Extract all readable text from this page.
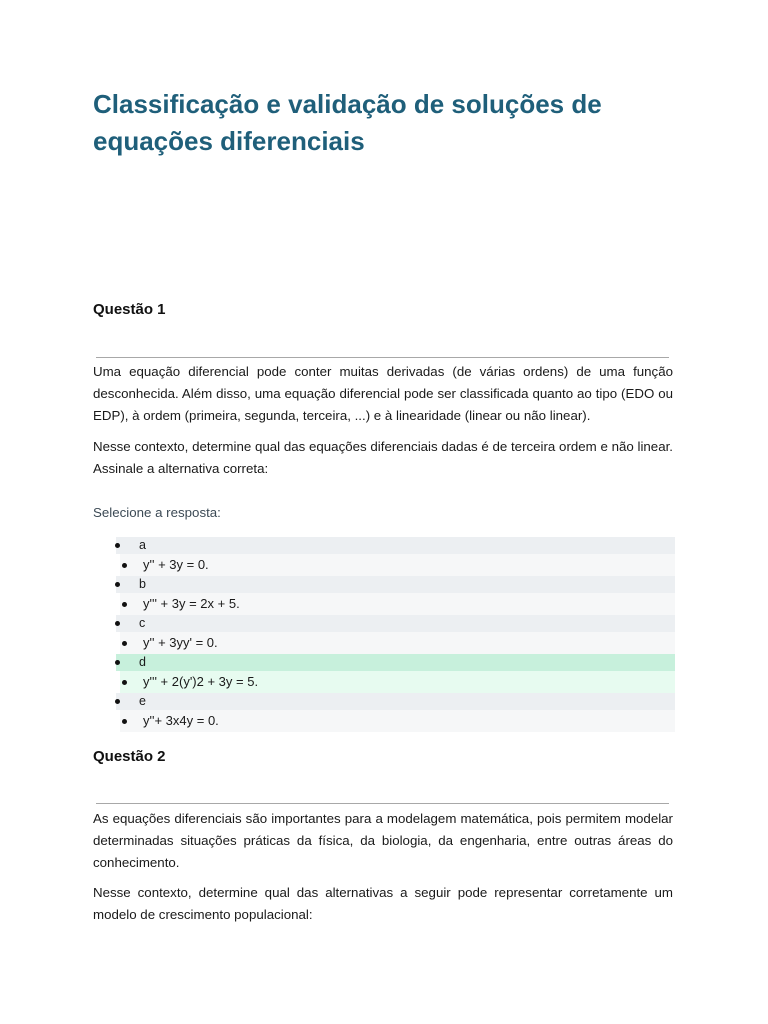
Classificação e validação de soluções de equações diferenciais
Questão 1

Uma equação diferencial pode conter muitas derivadas (de várias ordens) de uma função desconhecida. Além disso, uma equação diferencial pode ser classificada quanto ao tipo (EDO ou EDP), à ordem (primeira, segunda, terceira, ...) e à linearidade (linear ou não linear).

Nesse contexto, determine qual das equações diferenciais dadas é de terceira ordem e não linear. Assinale a alternativa correta:

Selecione a resposta:

a
y'' + 3y = 0.
b
y''' + 3y = 2x + 5.
c
y'' + 3yy' = 0.
d
y''' + 2(y')2 + 3y = 5.
e
y''+ 3x4y = 0.
Questão 2

As equações diferenciais são importantes para a modelagem matemática, pois permitem modelar determinadas situações práticas da física, da biologia, da engenharia, entre outras áreas do conhecimento.

Nesse contexto, determine qual das alternativas a seguir pode representar corretamente um modelo de crescimento populacional:
